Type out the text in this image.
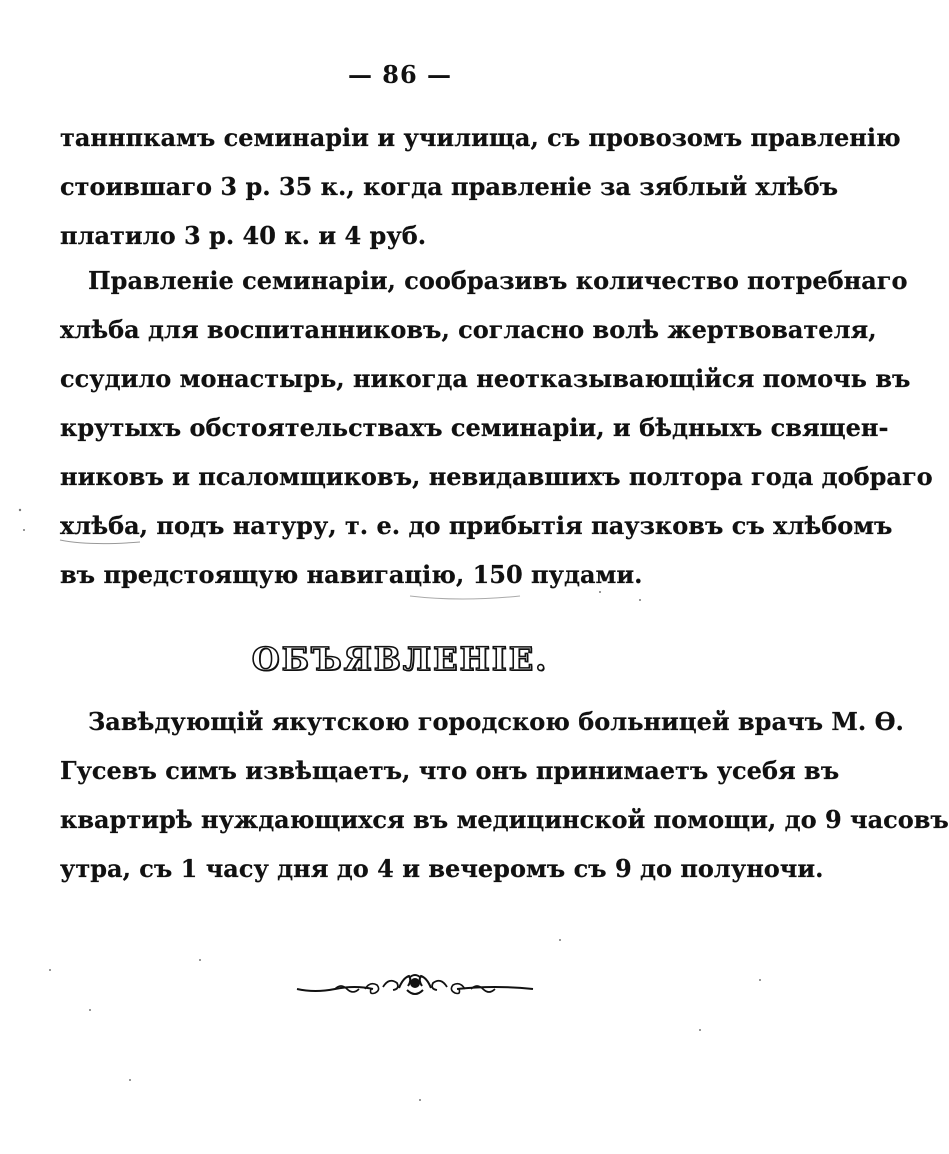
— 86 —
таннпкамъ семинаріи и училища, съ провозомъ правленію
стоившаго 3 р. 35 к., когда правленіе за зяблый хлѣбъ
платило 3 р. 40 к. и 4 руб.
Правленіе семинаріи, сообразивъ количество потребнаго
хлѣба для воспитанниковъ, согласно волѣ жертвователя,
ссудило монастырь, никогда неотказывающійся помочь въ
крутыхъ обстоятельствахъ семинаріи, и бѣдныхъ священ-
никовъ и псаломщиковъ, невидавшихъ полтора года добраго
хлѣба, подъ натуру, т. е. до прибытія паузковъ съ хлѣбомъ
въ предстоящую навигацію, 150 пудами.
ОБЪЯВЛЕНІЕ.
Завѣдующій якутскою городскою больницей врачъ М. Ѳ.
Гусевъ симъ извѣщаетъ, что онъ принимаетъ усебя въ
квартирѣ нуждающихся въ медицинской помощи, до 9 часовъ
утра, съ 1 часу дня до 4 и вечеромъ съ 9 до полуночи.
